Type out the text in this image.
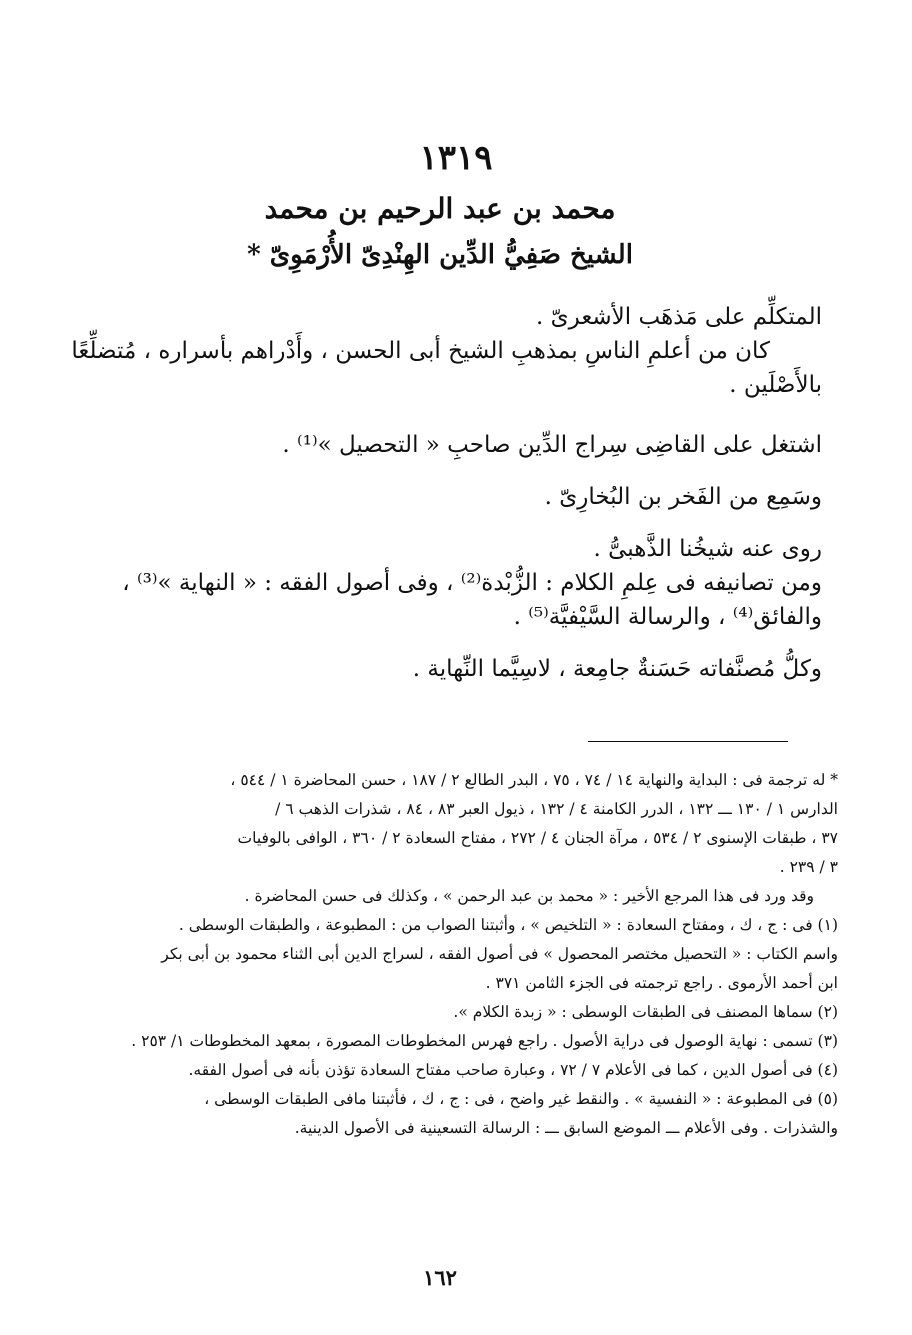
١٣١٩
محمد بن عبد الرحيم بن محمد
الشيخ صَفِيُّ الدِّين الهِنْدِىّ الأُرْمَوِىّ *

المتكلِّم على مَذهَب الأشعرىّ .

كان من أعلمِ الناسِ بمذهبِ الشيخ أبى الحسن ، وأَدْراهم بأسراره ، مُتضلِّعًا

بالأَصْلَين .

اشتغل على القاضِى سِراج الدِّين صاحبِ « التحصيل »⁽¹⁾ .

وسَمِع من الفَخر بن البُخارِىّ .

روى عنه شيخُنا الذَّهبىُّ .

ومن تصانيفه فى عِلمِ الكلام : الزُّبْدة⁽²⁾ ، وفى أصول الفقه : « النهاية »⁽³⁾ ،

والفائق⁽⁴⁾ ، والرسالة السَّيْفيَّة⁽⁵⁾ .

وكلُّ مُصنَّفاته حَسَنةٌ جامِعة ، لاسِيَّما النِّهاية .

* له ترجمة فى : البداية والنهاية ١٤ / ٧٤ ، ٧٥ ، البدر الطالع ٢ / ١٨٧ ، حسن المحاضرة ١ / ٥٤٤ ،

الدارس ١ / ١٣٠ ـــ ١٣٢ ، الدرر الكامنة ٤ / ١٣٢ ، ذيول العبر ٨٣ ، ٨٤ ، شذرات الذهب ٦ /

٣٧ ، طبقات الإسنوى ٢ / ٥٣٤ ، مرآة الجنان ٤ / ٢٧٢ ، مفتاح السعادة ٢ / ٣٦٠ ، الوافى بالوفيات

٣ / ٢٣٩ .

وقد ورد فى هذا المرجع الأخير : « محمد بن عبد الرحمن » ، وكذلك فى حسن المحاضرة .

(١) فى : ج ، ك ، ومفتاح السعادة : « التلخيص » ، وأثبتنا الصواب من : المطبوعة ، والطبقات الوسطى .

واسم الكتاب : « التحصيل مختصر المحصول » فى أصول الفقه ، لسراج الدين أبى الثناء محمود بن أبى بكر

ابن أحمد الأرموى . راجع ترجمته فى الجزء الثامن ٣٧١ .

(٢) سماها المصنف فى الطبقات الوسطى : « زبدة الكلام ».

(٣) تسمى : نهاية الوصول فى دراية الأصول . راجع فهرس المخطوطات المصورة ، بمعهد المخطوطات ١/ ٢٥٣ .

(٤) فى أصول الدين ، كما فى الأعلام ٧ / ٧٢ ، وعبارة صاحب مفتاح السعادة تؤذن بأنه فى أصول الفقه.

(٥) فى المطبوعة : « النفسية » . والنقط غير واضح ، فى : ج ، ك ، فأثبتنا مافى الطبقات الوسطى ،

والشذرات . وفى الأعلام ـــ الموضع السابق ـــ : الرسالة التسعينية فى الأصول الدينية.

١٦٢
